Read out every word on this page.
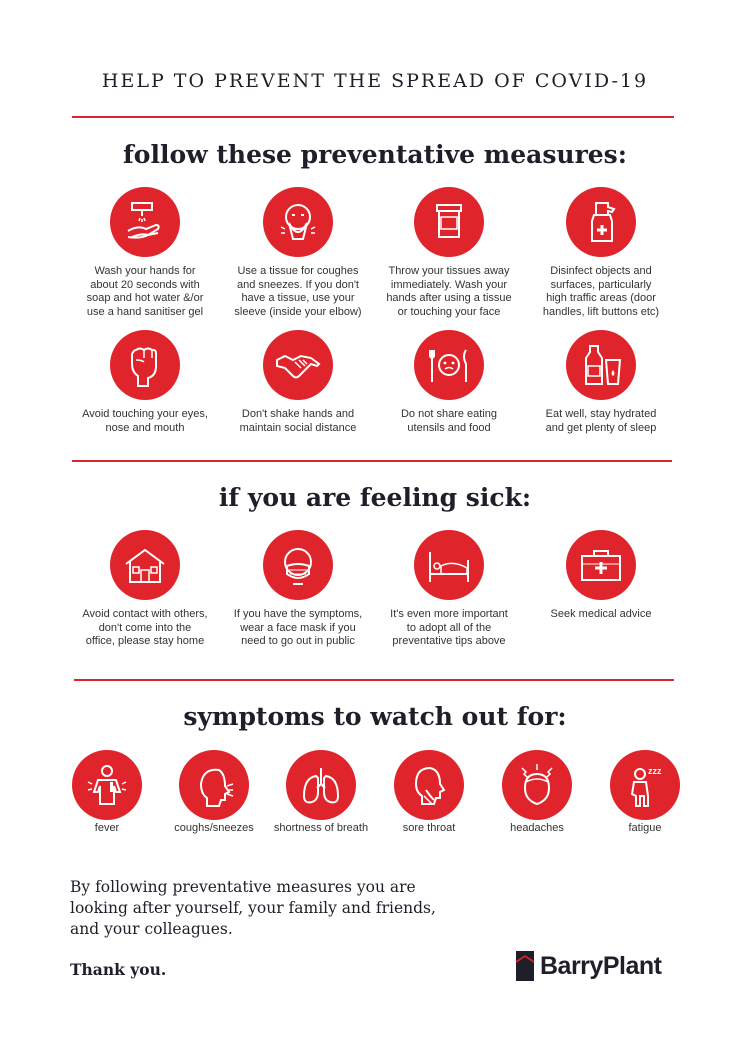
HELP TO PREVENT THE SPREAD OF COVID-19
follow these preventative measures:
Wash your hands for
about 20 seconds with
soap and hot water &/or
use a hand sanitiser gel
Use a tissue for coughes
and sneezes. If you don't
have a tissue, use your
sleeve (inside your elbow)
Throw your tissues away
immediately. Wash your
hands after using a tissue
or touching your face
Disinfect objects and
surfaces, particularly
high traffic areas (door
handles, lift buttons etc)
Avoid touching your eyes,
nose and mouth
Don't shake hands and
maintain social distance
Do not share eating
utensils and food
Eat well, stay hydrated
and get plenty of sleep
if you are feeling sick:
Avoid contact with others,
don't come into the
office, please stay home
If you have the symptoms,
wear a face mask if you
need to go out in public
It's even more important
to adopt all of the
preventative tips above
Seek medical advice
symptoms to watch out for:
fever	coughs/sneezes	shortness of breath	sore throat	headaches
zzz
fatigue
By following preventative measures you are
looking after yourself, your family and friends,
and your colleagues.
Thank you.	BarryPlant
